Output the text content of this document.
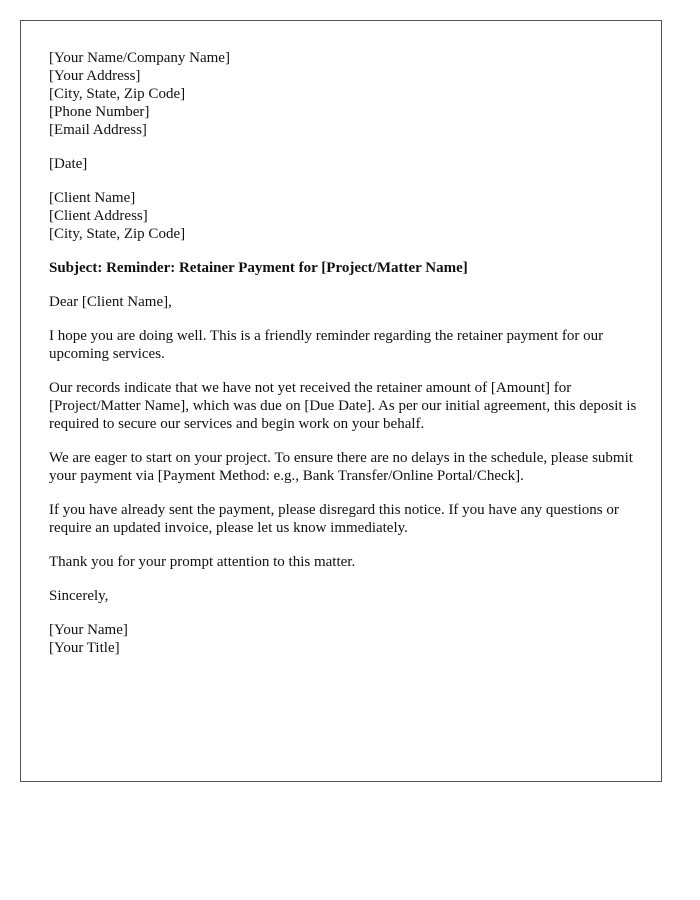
[Your Name/Company Name]
[Your Address]
[City, State, Zip Code]
[Phone Number]
[Email Address]
[Date]
[Client Name]
[Client Address]
[City, State, Zip Code]

Subject: Reminder: Retainer Payment for [Project/Matter Name]

Dear [Client Name],

I hope you are doing well. This is a friendly reminder regarding the retainer payment for our upcoming services.

Our records indicate that we have not yet received the retainer amount of [Amount] for [Project/Matter Name], which was due on [Due Date]. As per our initial agreement, this deposit is required to secure our services and begin work on your behalf.

We are eager to start on your project. To ensure there are no delays in the schedule, please submit your payment via [Payment Method: e.g., Bank Transfer/Online Portal/Check].

If you have already sent the payment, please disregard this notice. If you have any questions or require an updated invoice, please let us know immediately.

Thank you for your prompt attention to this matter.

Sincerely,

[Your Name]
[Your Title]
